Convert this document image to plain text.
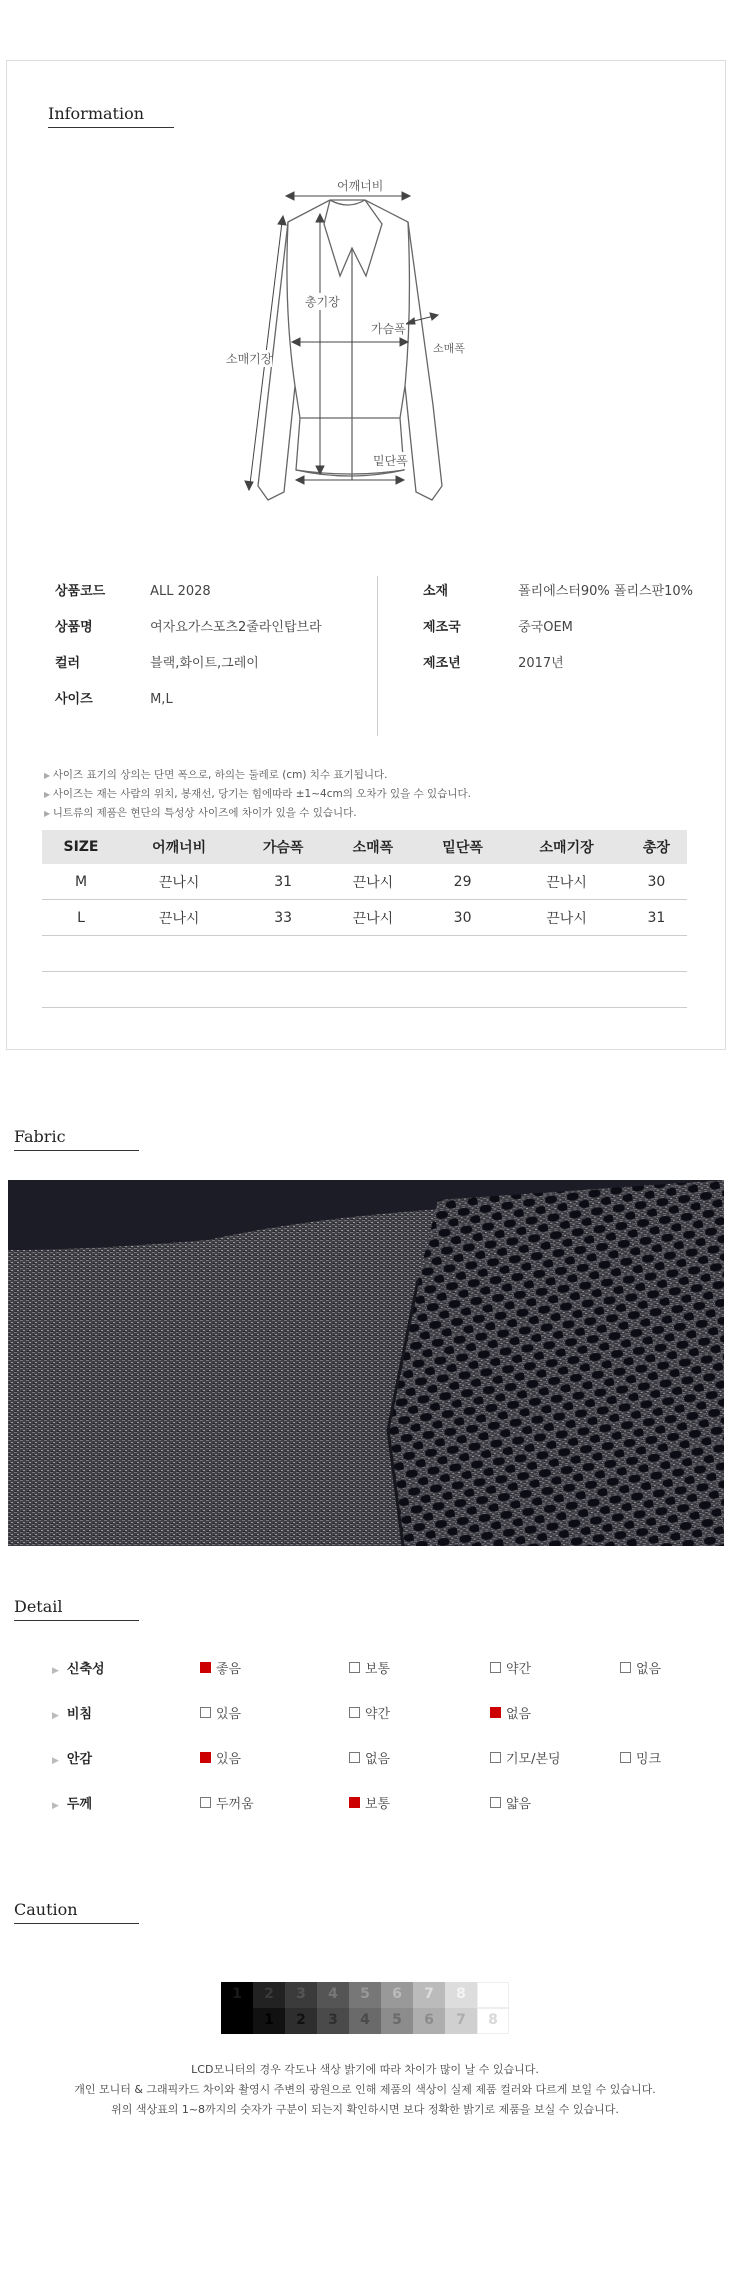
Information
어깨너비
총기장
가슴폭
소매폭
소매기장
밑단폭
상품코드	ALL 2028
상품명	여자요가스포츠2줄라인탑브라
컬러	블랙,화이트,그레이
사이즈	M,L
소재	폴리에스터90% 폴리스판10%
제조국	중국OEM
제조년	2017년
▶ 사이즈 표기의 상의는 단면 폭으로, 하의는 둘레로 (cm) 치수 표기됩니다.
▶ 사이즈는 재는 사람의 위치, 봉재선, 당기는 힘에따라 ±1~4cm의 오차가 있을 수 있습니다.
▶ 니트류의 제품은 현단의 특성상 사이즈에 차이가 있을 수 있습니다.
SIZE	어깨너비	가슴폭	소매폭	밑단폭	소매기장	총장
M	끈나시	31	끈나시	29	끈나시	30
L	끈나시	33	끈나시	30	끈나시	31

Fabric
Detail
▶ 신축성	좋음	보통	약간	없음
▶ 비침	있음	약간	없음
▶ 안감	있음	없음	기모/본딩	밍크
▶ 두께	두꺼움	보통	얇음
Caution
1	2	3	4	5	6	7	8
1	2	3	4	5	6	7	8
LCD모니터의 경우 각도나 색상 밝기에 따라 차이가 많이 날 수 있습니다.
개인 모니터 & 그래픽카드 차이와 촬영시 주변의 광원으로 인해 제품의 색상이 실제 제품 컬러와 다르게 보일 수 있습니다.
위의 색상표의 1~8까지의 숫자가 구분이 되는지 확인하시면 보다 정확한 밝기로 제품을 보실 수 있습니다.
